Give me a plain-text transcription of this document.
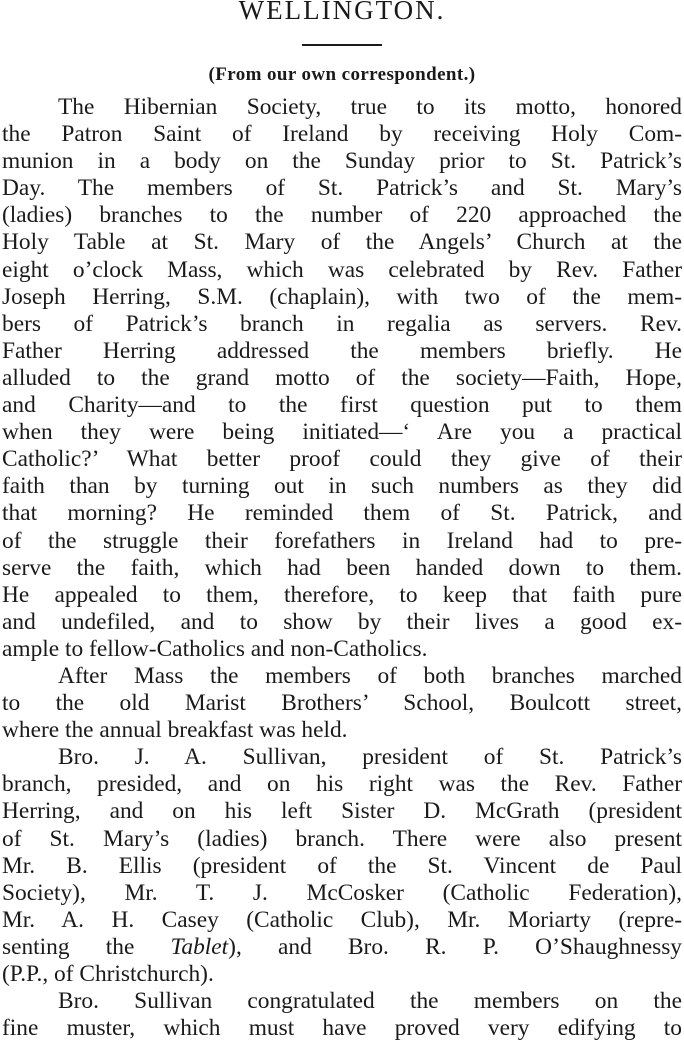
WELLINGTON.
(From our own correspondent.)
The Hibernian Society, true to its motto, honored
the Patron Saint of Ireland by receiving Holy Com-
munion in a body on the Sunday prior to St. Patrick’s
Day. The members of St. Patrick’s and St. Mary’s
(ladies) branches to the number of 220 approached the
Holy Table at St. Mary of the Angels’ Church at the
eight o’clock Mass, which was celebrated by Rev. Father
Joseph Herring, S.M. (chaplain), with two of the mem-
bers of Patrick’s branch in regalia as servers. Rev.
Father Herring addressed the members briefly. He
alluded to the grand motto of the society—Faith, Hope,
and Charity—and to the first question put to them
when they were being initiated—‘ Are you a practical
Catholic?’ What better proof could they give of their
faith than by turning out in such numbers as they did
that morning? He reminded them of St. Patrick, and
of the struggle their forefathers in Ireland had to pre-
serve the faith, which had been handed down to them.
He appealed to them, therefore, to keep that faith pure
and undefiled, and to show by their lives a good ex-
ample to fellow-Catholics and non-Catholics.
After Mass the members of both branches marched
to the old Marist Brothers’ School, Boulcott street,
where the annual breakfast was held.
Bro. J. A. Sullivan, president of St. Patrick’s
branch, presided, and on his right was the Rev. Father
Herring, and on his left Sister D. McGrath (president
of St. Mary’s (ladies) branch. There were also present
Mr. B. Ellis (president of the St. Vincent de Paul
Society), Mr. T. J. McCosker (Catholic Federation),
Mr. A. H. Casey (Catholic Club), Mr. Moriarty (repre-
senting the Tablet), and Bro. R. P. O’Shaughnessy
(P.P., of Christchurch).
Bro. Sullivan congratulated the members on the
fine muster, which must have proved very edifying to
